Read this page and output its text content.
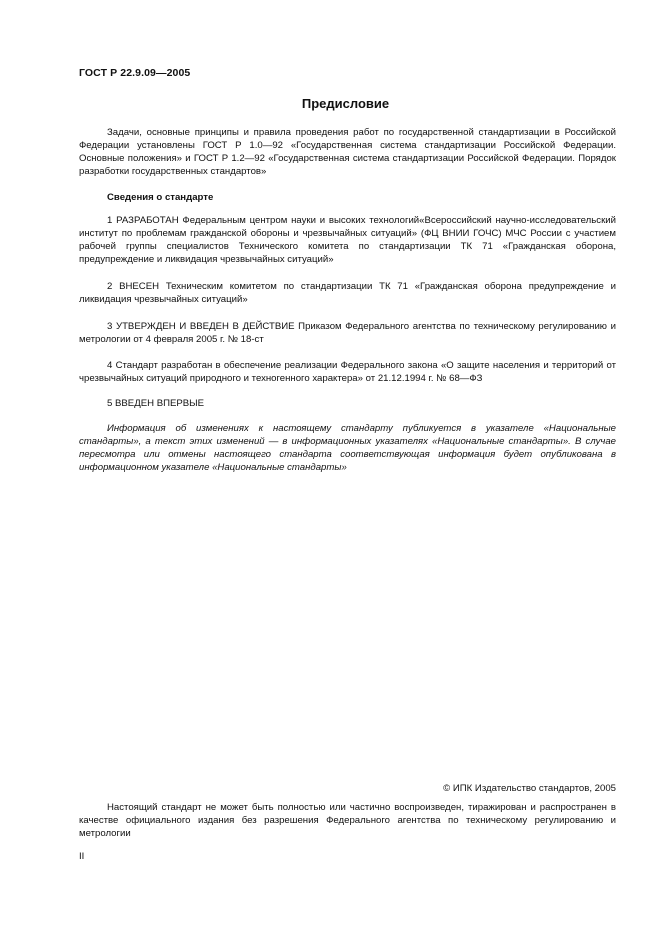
ГОСТ Р 22.9.09—2005
Предисловие
Задачи, основные принципы и правила проведения работ по государственной стандартизации в Российской Федерации установлены ГОСТ Р 1.0—92 «Государственная система стандартизации Российской Федерации. Основные положения» и ГОСТ Р 1.2—92 «Государственная система стандартизации Российской Федерации. Порядок разработки государственных стандартов»
Сведения о стандарте
1 РАЗРАБОТАН Федеральным центром науки и высоких технологий«Всероссийский научно-исследовательский институт по проблемам гражданской обороны и чрезвычайных ситуаций» (ФЦ ВНИИ ГОЧС) МЧС России с участием рабочей группы специалистов Технического комитета по стандартизации ТК 71 «Гражданская оборона, предупреждение и ликвидация чрезвычайных ситуаций»
2 ВНЕСЕН Техническим комитетом по стандартизации ТК 71 «Гражданская оборона предупреждение и ликвидация чрезвычайных ситуаций»
3 УТВЕРЖДЕН И ВВЕДЕН В ДЕЙСТВИЕ Приказом Федерального агентства по техническому регулированию и метрологии от 4 февраля 2005 г. № 18-ст
4 Стандарт разработан в обеспечение реализации Федерального закона «О защите населения и территорий от чрезвычайных ситуаций природного и техногенного характера» от 21.12.1994 г. № 68—ФЗ
5 ВВЕДЕН ВПЕРВЫЕ
Информация об изменениях к настоящему стандарту публикуется в указателе «Национальные стандарты», а текст этих изменений — в информационных указателях «Национальные стандарты». В случае пересмотра или отмены настоящего стандарта соответствующая информация будет опубликована в информационном указателе «Национальные стандарты»
© ИПК Издательство стандартов, 2005
Настоящий стандарт не может быть полностью или частично воспроизведен, тиражирован и распространен в качестве официального издания без разрешения Федерального агентства по техническому регулированию и метрологии
II
